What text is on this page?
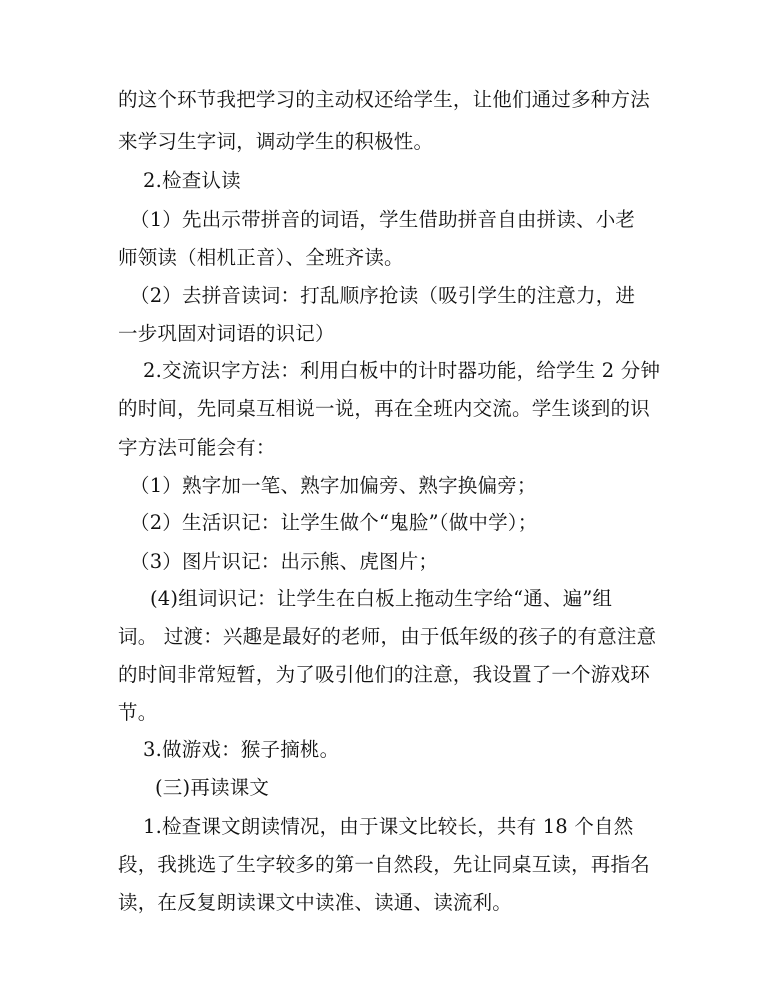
的这个环节我把学习的主动权还给学生，让他们通过多种方法
来学习生字词，调动学生的积极性。
2.检查认读
（1）先出示带拼音的词语，学生借助拼音自由拼读、小老
师领读（相机正音）、全班齐读。
（2）去拼音读词：打乱顺序抢读（吸引学生的注意力，进
一步巩固对词语的识记）
2.交流识字方法：利用白板中的计时器功能，给学生 2 分钟
的时间，先同桌互相说一说，再在全班内交流。学生谈到的识
字方法可能会有：
（1）熟字加一笔、熟字加偏旁、熟字换偏旁；
（2）生活识记：让学生做个“鬼脸”（做中学）；
（3）图片识记：出示熊、虎图片；
(4)组词识记：让学生在白板上拖动生字给“通、遍”组
词。 过渡：兴趣是最好的老师，由于低年级的孩子的有意注意
的时间非常短暂，为了吸引他们的注意，我设置了一个游戏环
节。
3.做游戏：猴子摘桃。
(三)再读课文
1.检查课文朗读情况，由于课文比较长，共有 18 个自然
段，我挑选了生字较多的第一自然段，先让同桌互读，再指名
读，在反复朗读课文中读准、读通、读流利。
